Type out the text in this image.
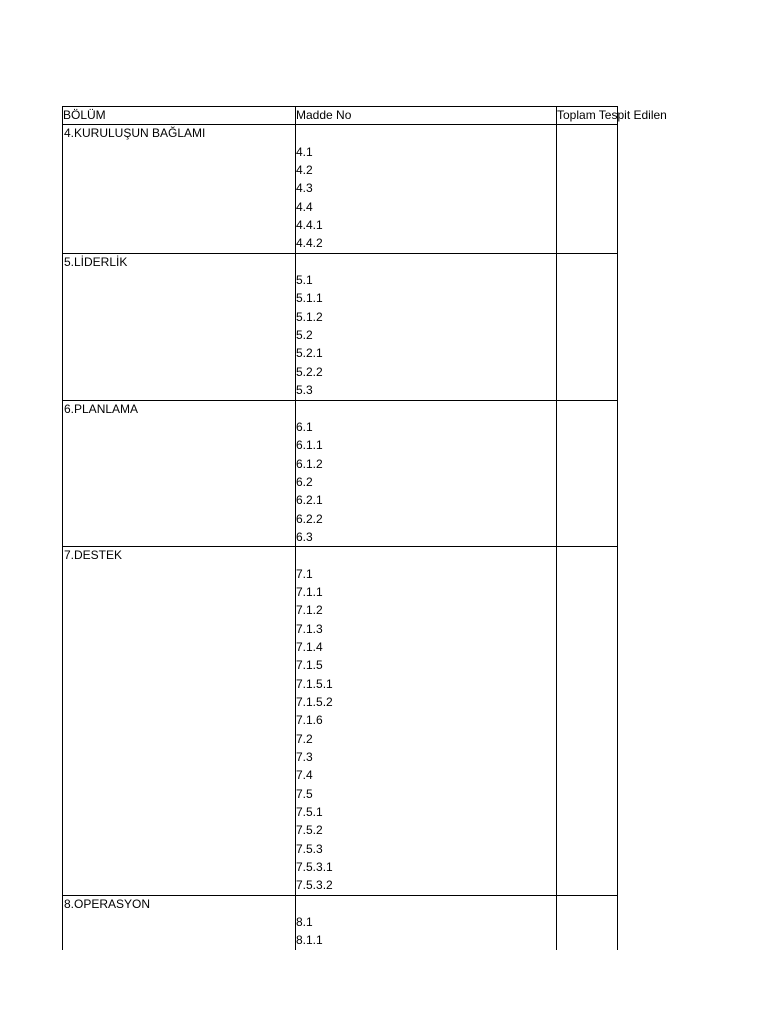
BÖLÜM	Madde No	Toplam Tespit Edilen
4.KURULUŞUN BAĞLAMI
4.1
4.2
4.3
4.4
4.4.1
4.4.2
5.LİDERLİK
5.1
5.1.1
5.1.2
5.2
5.2.1
5.2.2
5.3
6.PLANLAMA
6.1
6.1.1
6.1.2
6.2
6.2.1
6.2.2
6.3
7.DESTEK
7.1
7.1.1
7.1.2
7.1.3
7.1.4
7.1.5
7.1.5.1
7.1.5.2
7.1.6
7.2
7.3
7.4
7.5
7.5.1
7.5.2
7.5.3
7.5.3.1
7.5.3.2
8.OPERASYON
8.1
8.1.1
